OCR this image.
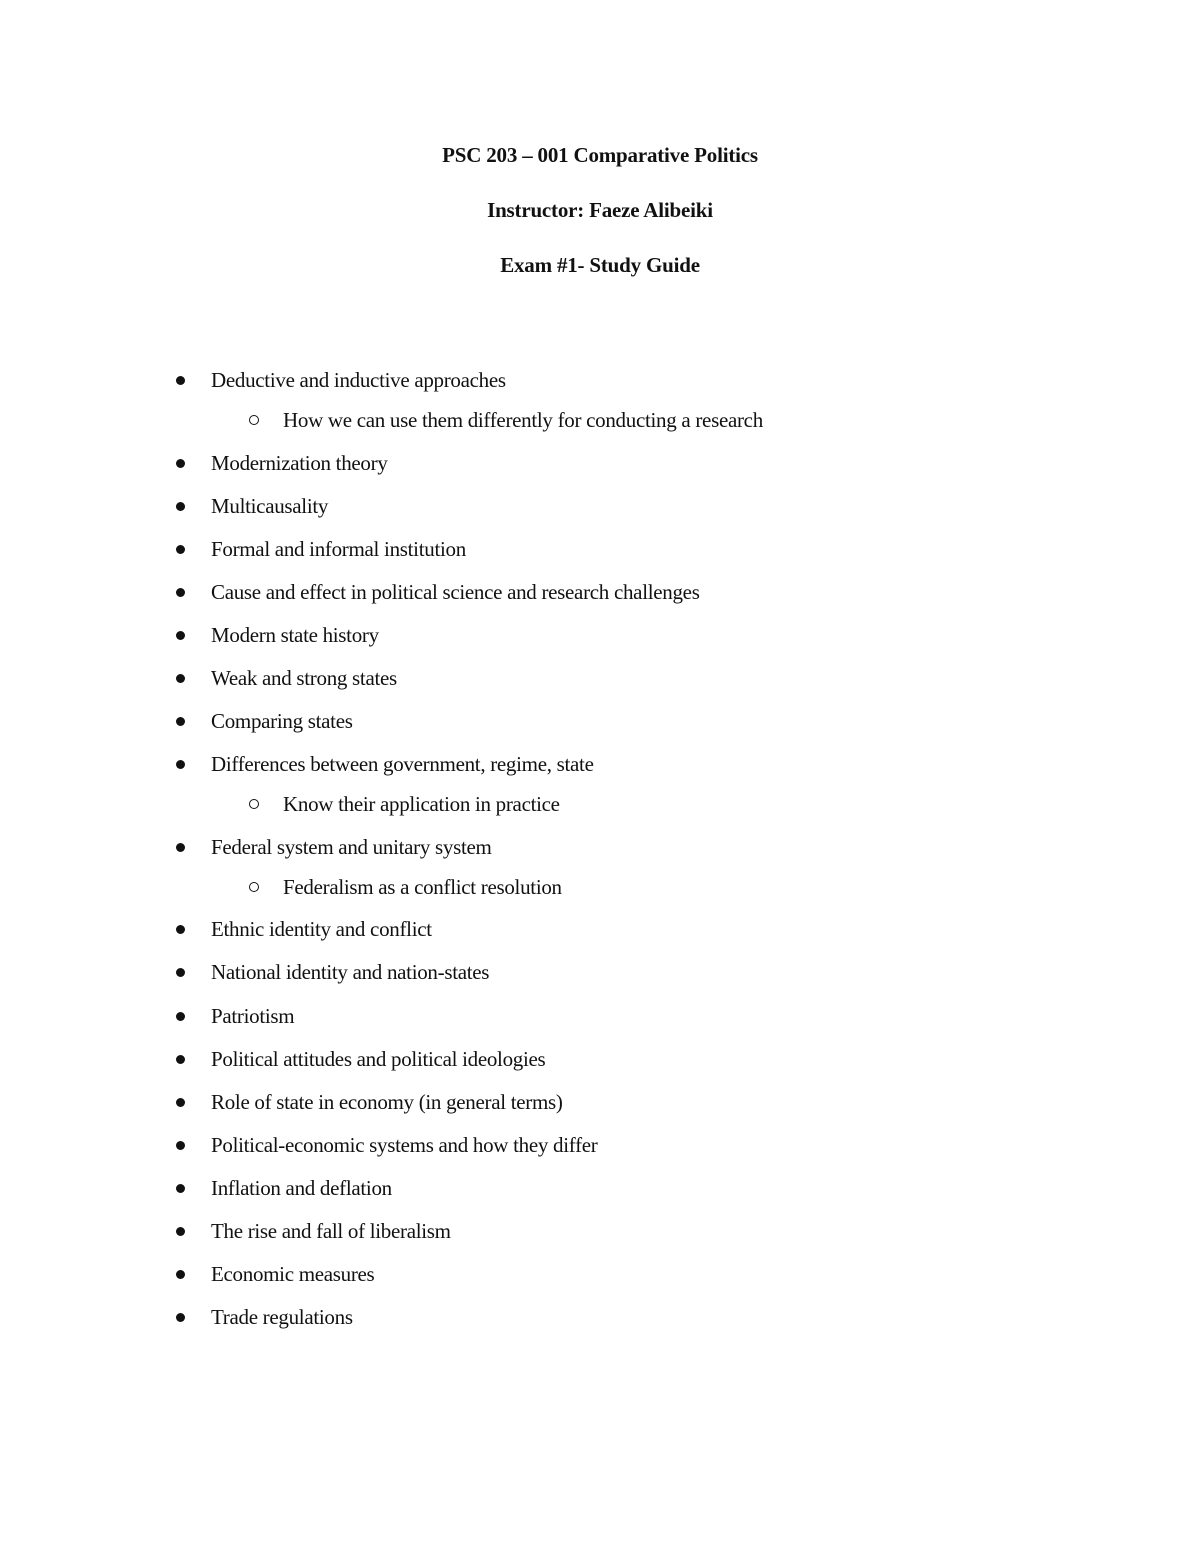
PSC 203 – 001 Comparative Politics
Instructor: Faeze Alibeiki
Exam #1- Study Guide
Deductive and inductive approaches
How we can use them differently for conducting a research
Modernization theory
Multicausality
Formal and informal institution
Cause and effect in political science and research challenges
Modern state history
Weak and strong states
Comparing states
Differences between government, regime, state
Know their application in practice
Federal system and unitary system
Federalism as a conflict resolution
Ethnic identity and conflict
National identity and nation-states
Patriotism
Political attitudes and political ideologies
Role of state in economy (in general terms)
Political-economic systems and how they differ
Inflation and deflation
The rise and fall of liberalism
Economic measures
Trade regulations
